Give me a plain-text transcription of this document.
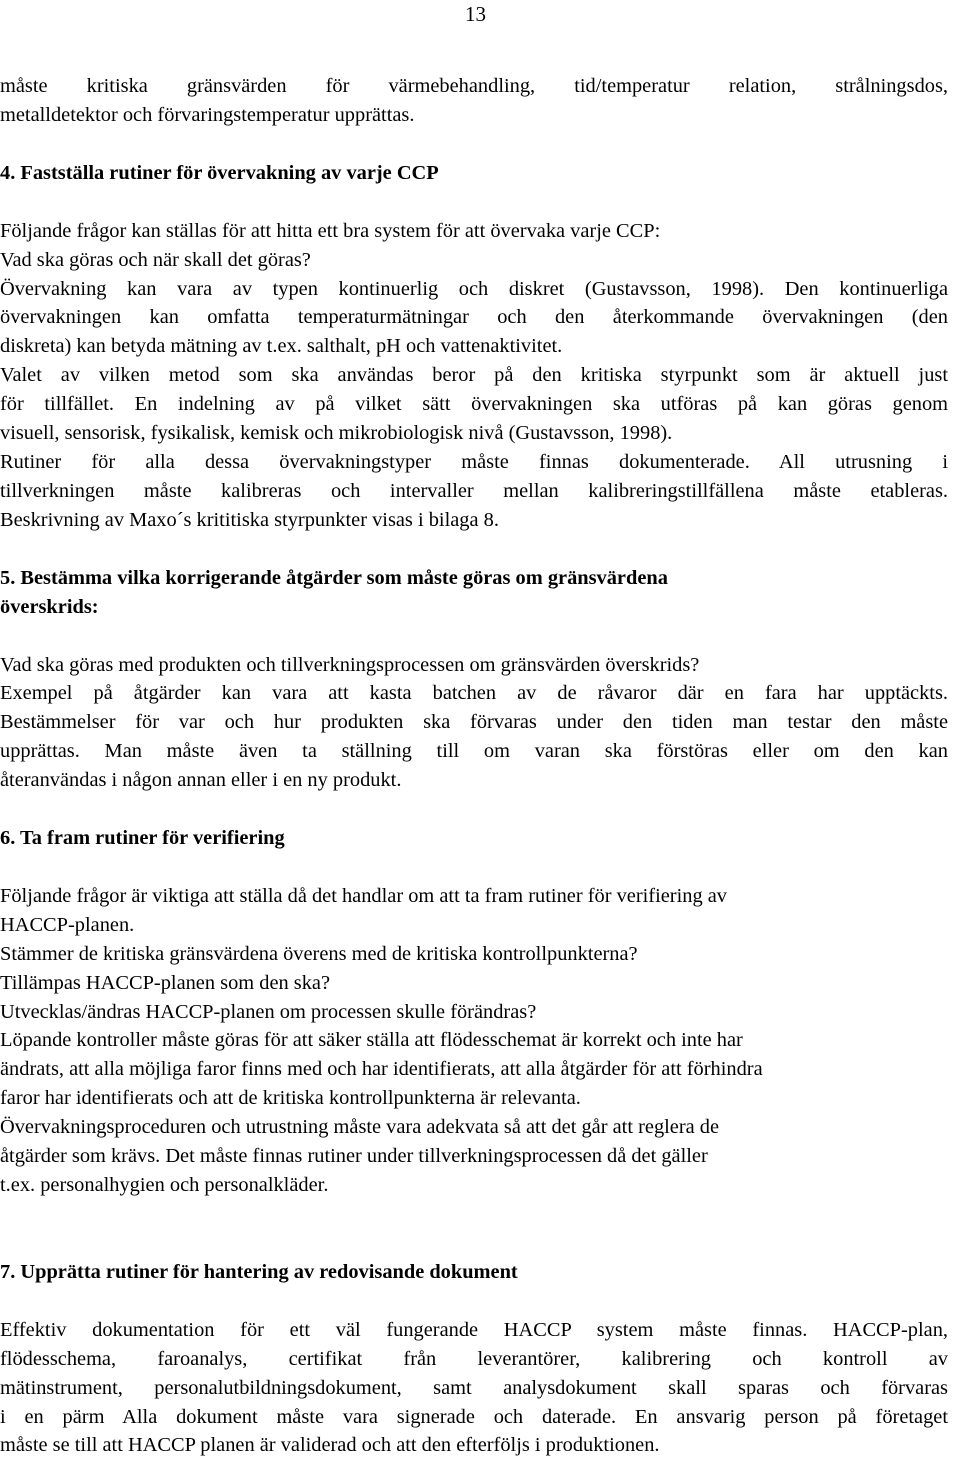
13
måste kritiska gränsvärden för värmebehandling, tid/temperatur relation, strålningsdos,
metalldetektor och förvaringstemperatur upprättas.
4. Fastställa rutiner för övervakning av varje CCP
Följande frågor kan ställas för att hitta ett bra system för att övervaka varje CCP:
Vad ska göras och när skall det göras?
Övervakning kan vara av typen kontinuerlig och diskret (Gustavsson, 1998). Den kontinuerliga
övervakningen kan omfatta temperaturmätningar och den återkommande övervakningen (den
diskreta) kan betyda mätning av t.ex. salthalt, pH och vattenaktivitet.
Valet av vilken metod som ska användas beror på den kritiska styrpunkt som är aktuell just
för tillfället. En indelning av på vilket sätt övervakningen ska utföras på kan göras genom
visuell, sensorisk, fysikalisk, kemisk och mikrobiologisk nivå (Gustavsson, 1998).
Rutiner för alla dessa övervakningstyper måste finnas dokumenterade. All utrusning i
tillverkningen måste kalibreras och intervaller mellan kalibreringstillfällena måste etableras.
Beskrivning av Maxo´s krititiska styrpunkter visas i bilaga 8.
5. Bestämma vilka korrigerande åtgärder som måste göras om gränsvärdena
överskrids:
Vad ska göras med produkten och tillverkningsprocessen om gränsvärden överskrids?
Exempel på åtgärder kan vara att kasta batchen av de råvaror där en fara har upptäckts.
Bestämmelser för var och hur produkten ska förvaras under den tiden man testar den måste
upprättas. Man måste även ta ställning till om varan ska förstöras eller om den kan
återanvändas i någon annan eller i en ny produkt.
6. Ta fram rutiner för verifiering
Följande frågor är viktiga att ställa då det handlar om att ta fram rutiner för verifiering av
HACCP-planen.
Stämmer de kritiska gränsvärdena överens med de kritiska kontrollpunkterna?
Tillämpas HACCP-planen som den ska?
Utvecklas/ändras HACCP-planen om processen skulle förändras?
Löpande kontroller måste göras för att säker ställa att flödesschemat är korrekt och inte har
ändrats, att alla möjliga faror finns med och har identifierats, att alla åtgärder för att förhindra
faror har identifierats och att de kritiska kontrollpunkterna är relevanta.
Övervakningsproceduren och utrustning måste vara adekvata så att det går att reglera de
åtgärder som krävs. Det måste finnas rutiner under tillverkningsprocessen då det gäller
t.ex. personalhygien och personalkläder.
7. Upprätta rutiner för hantering av redovisande dokument
Effektiv dokumentation för ett väl fungerande HACCP system måste finnas. HACCP-plan,
flödesschema, faroanalys, certifikat från leverantörer, kalibrering och kontroll av
mätinstrument, personalutbildningsdokument, samt analysdokument skall sparas och förvaras
i en pärm Alla dokument måste vara signerade och daterade. En ansvarig person på företaget
måste se till att HACCP planen är validerad och att den efterföljs i produktionen.
